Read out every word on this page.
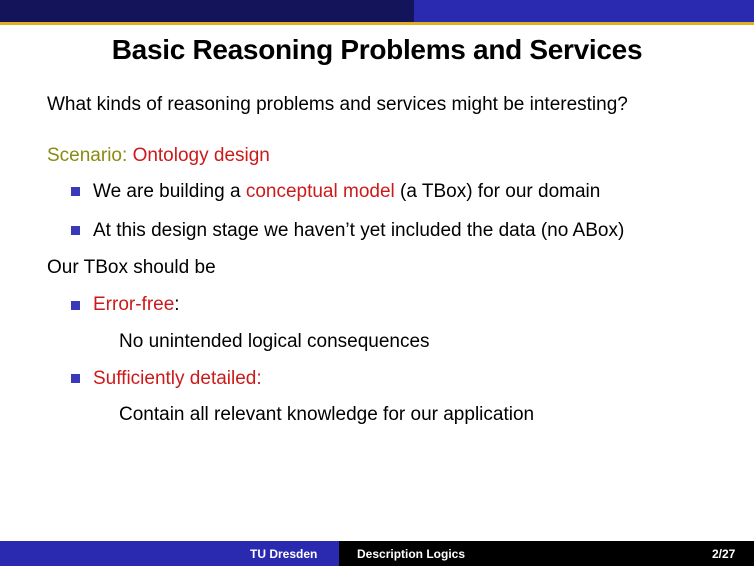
Basic Reasoning Problems and Services
What kinds of reasoning problems and services might be interesting?
Scenario: Ontology design
We are building a conceptual model (a TBox) for our domain
At this design stage we haven’t yet included the data (no ABox)
Our TBox should be
Error-free:
No unintended logical consequences
Sufficiently detailed:
Contain all relevant knowledge for our application
TU Dresden	Description Logics	2/27
